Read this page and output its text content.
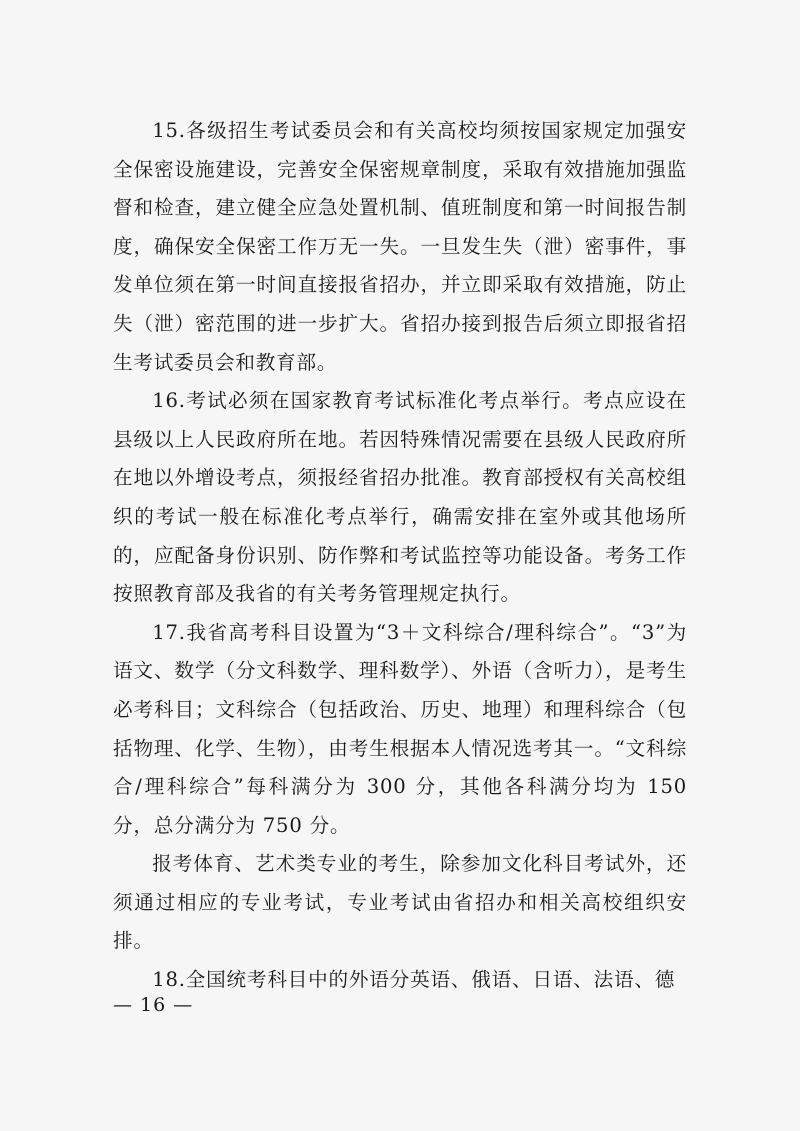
15.各级招生考试委员会和有关高校均须按国家规定加强安全保密设施建设，完善安全保密规章制度，采取有效措施加强监督和检查，建立健全应急处置机制、值班制度和第一时间报告制度，确保安全保密工作万无一失。一旦发生失（泄）密事件，事发单位须在第一时间直接报省招办，并立即采取有效措施，防止失（泄）密范围的进一步扩大。省招办接到报告后须立即报省招生考试委员会和教育部。

16.考试必须在国家教育考试标准化考点举行。考点应设在县级以上人民政府所在地。若因特殊情况需要在县级人民政府所在地以外增设考点，须报经省招办批准。教育部授权有关高校组织的考试一般在标准化考点举行，确需安排在室外或其他场所的，应配备身份识别、防作弊和考试监控等功能设备。考务工作按照教育部及我省的有关考务管理规定执行。

17.我省高考科目设置为“3＋文科综合/理科综合”。“3”为语文、数学（分文科数学、理科数学）、外语（含听力），是考生必考科目；文科综合（包括政治、历史、地理）和理科综合（包括物理、化学、生物），由考生根据本人情况选考其一。“文科综合/理科综合”每科满分为 300 分，其他各科满分均为 150 分，总分满分为 750 分。

报考体育、艺术类专业的考生，除参加文化科目考试外，还须通过相应的专业考试，专业考试由省招办和相关高校组织安排。

18.全国统考科目中的外语分英语、俄语、日语、法语、德

— 16 —
